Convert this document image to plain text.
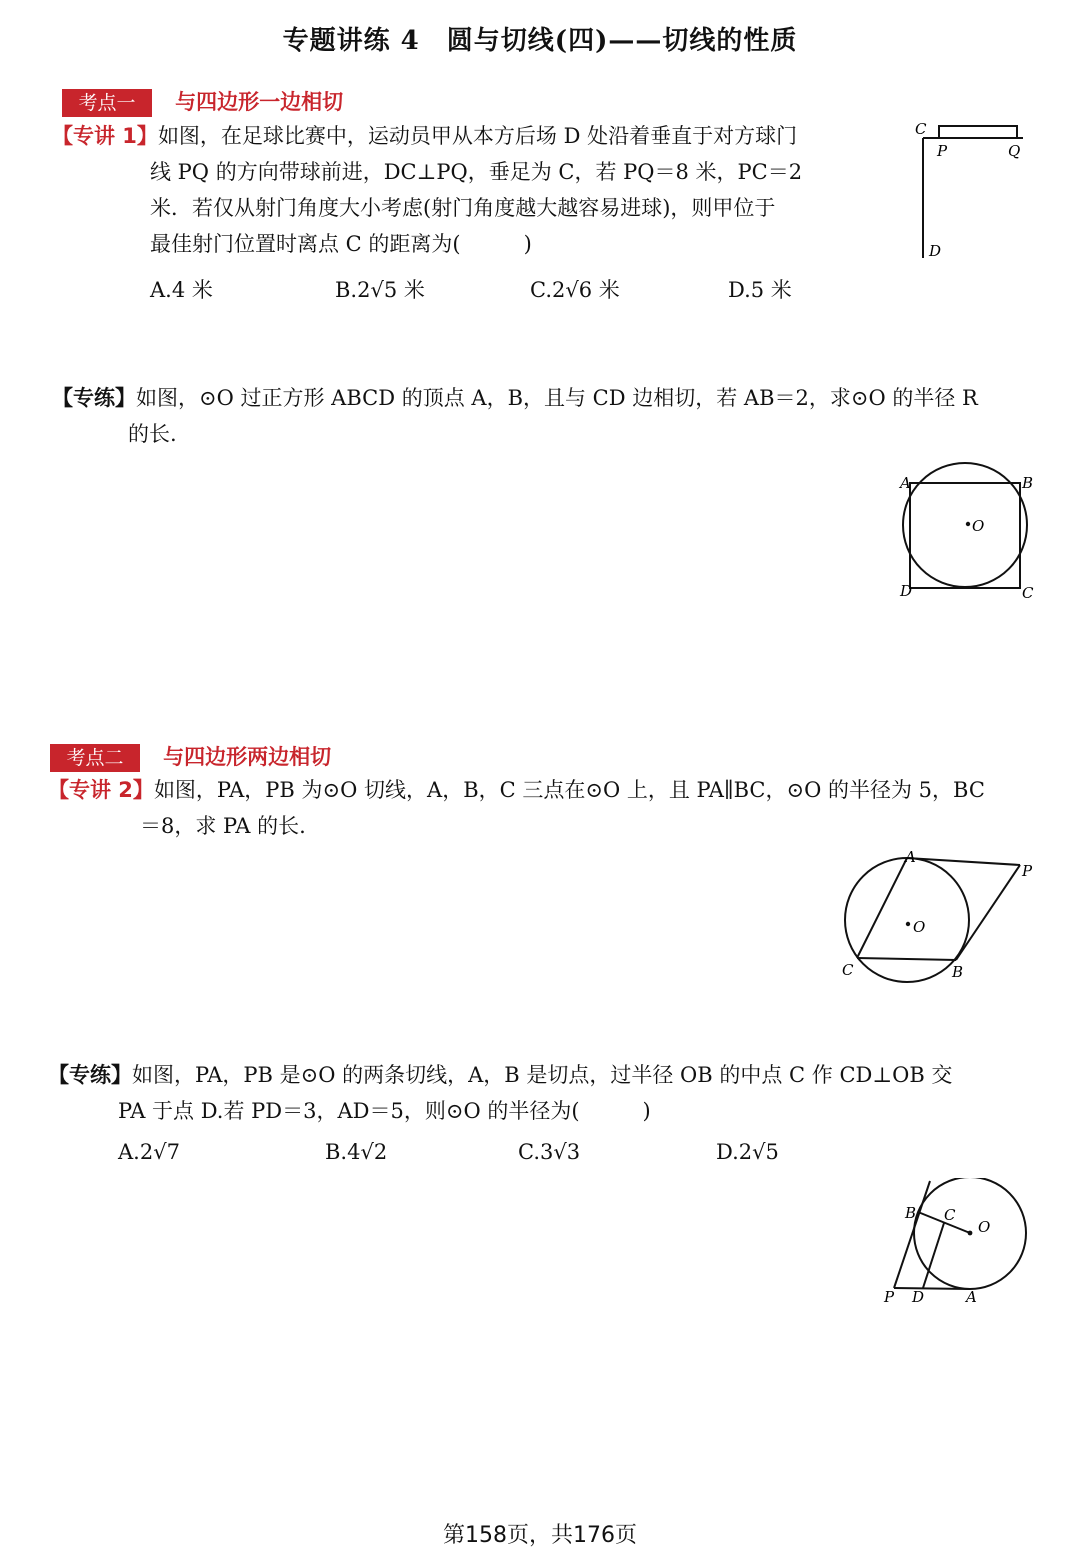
专题讲练 4　圆与切线(四)——切线的性质
考点一 与四边形一边相切
【专讲 1】如图，在足球比赛中，运动员甲从本方后场 D 处沿着垂直于对方球门
线 PQ 的方向带球前进，DC⊥PQ，垂足为 C，若 PQ＝8 米，PC＝2
米．若仅从射门角度大小考虑(射门角度越大越容易进球)，则甲位于
最佳射门位置时离点 C 的距离为(　　　)
A.4 米	B.2√5 米	C.2√6 米	D.5 米
C
P	Q
D
【专练】如图，⊙O 过正方形 ABCD 的顶点 A，B，且与 CD 边相切，若 AB＝2，求⊙O 的半径 R
的长.
O
A	B
D	C
考点二 与四边形两边相切
【专讲 2】如图，PA，PB 为⊙O 切线，A，B，C 三点在⊙O 上，且 PA∥BC，⊙O 的半径为 5，BC
＝8，求 PA 的长.
O
A
P
C	B
【专练】如图，PA，PB 是⊙O 的两条切线，A，B 是切点，过半径 OB 的中点 C 作 CD⊥OB 交
PA 于点 D.若 PD＝3，AD＝5，则⊙O 的半径为(　　　)
A.2√7	B.4√2	C.3√3	D.2√5
B C
O
P D	A
第158页，共176页
